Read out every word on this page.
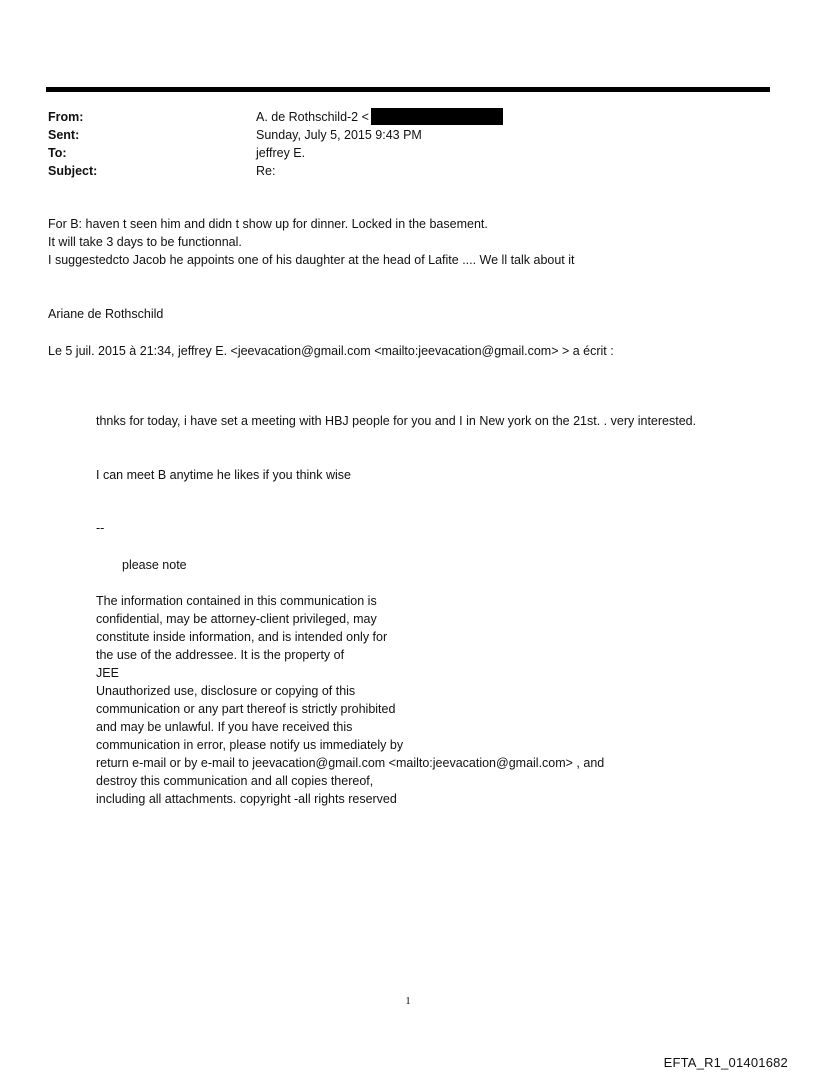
From:	A. de Rothschild-2 <
Sent:	Sunday, July 5, 2015 9:43 PM
To:	jeffrey E.
Subject:	Re:
For B: haven t seen him and didn t show up for dinner. Locked in the basement.
It will take 3 days to be functionnal.
I suggestedcto Jacob he appoints one of his daughter at the head of Lafite .... We ll talk about it
Ariane de Rothschild
Le 5 juil. 2015 à 21:34, jeffrey E. <jeevacation@gmail.com <mailto:jeevacation@gmail.com> > a écrit :
thnks for today, i have set a meeting with HBJ people for you and I in New york on the 21st. . very interested.
I can meet B anytime he likes if you think wise
--
please note
The information contained in this communication is
confidential, may be attorney-client privileged, may
constitute inside information, and is intended only for
the use of the addressee. It is the property of
JEE
Unauthorized use, disclosure or copying of this
communication or any part thereof is strictly prohibited
and may be unlawful. If you have received this
communication in error, please notify us immediately by
return e-mail or by e-mail to jeevacation@gmail.com <mailto:jeevacation@gmail.com> , and
destroy this communication and all copies thereof,
including all attachments. copyright -all rights reserved
1
EFTA_R1_01401682
